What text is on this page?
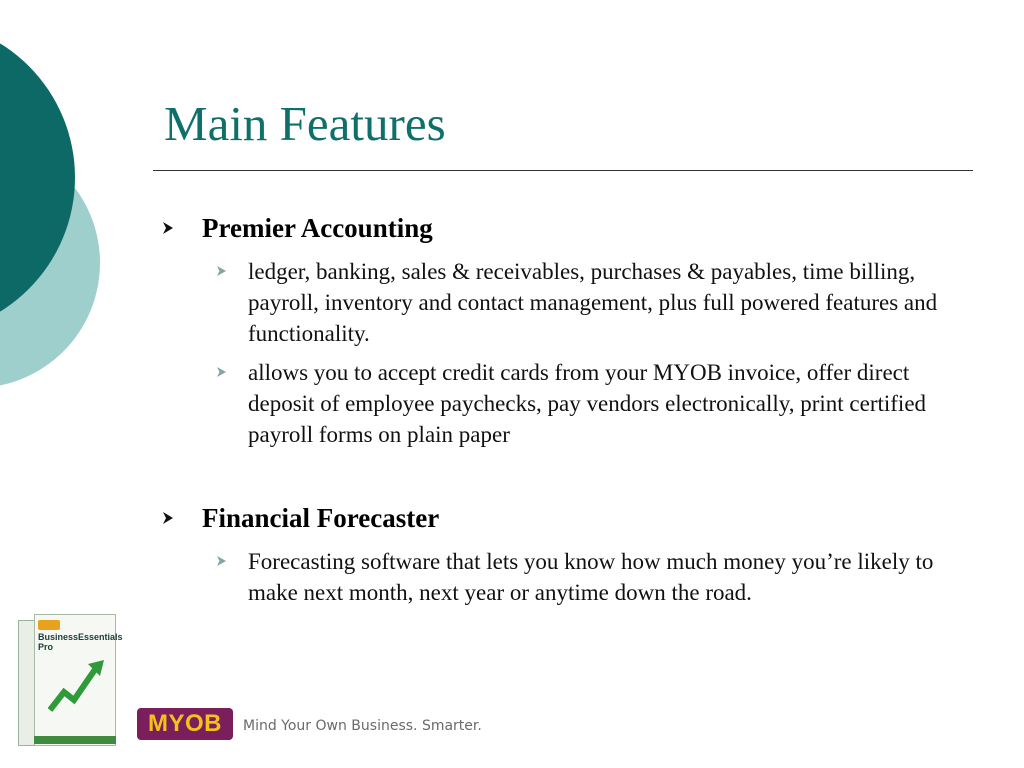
Main Features
Premier Accounting
ledger, banking, sales & receivables, purchases & payables, time billing, payroll, inventory and contact management, plus full powered features and functionality.
allows you to accept credit cards from your MYOB invoice, offer direct deposit of employee paychecks, pay vendors electronically, print certified payroll forms on plain paper
Financial Forecaster
Forecasting software that lets you know how much money you’re likely to make next month, next year or anytime down the road.
BusinessEssentials Pro
MYOB Mind Your Own Business. Smarter.
